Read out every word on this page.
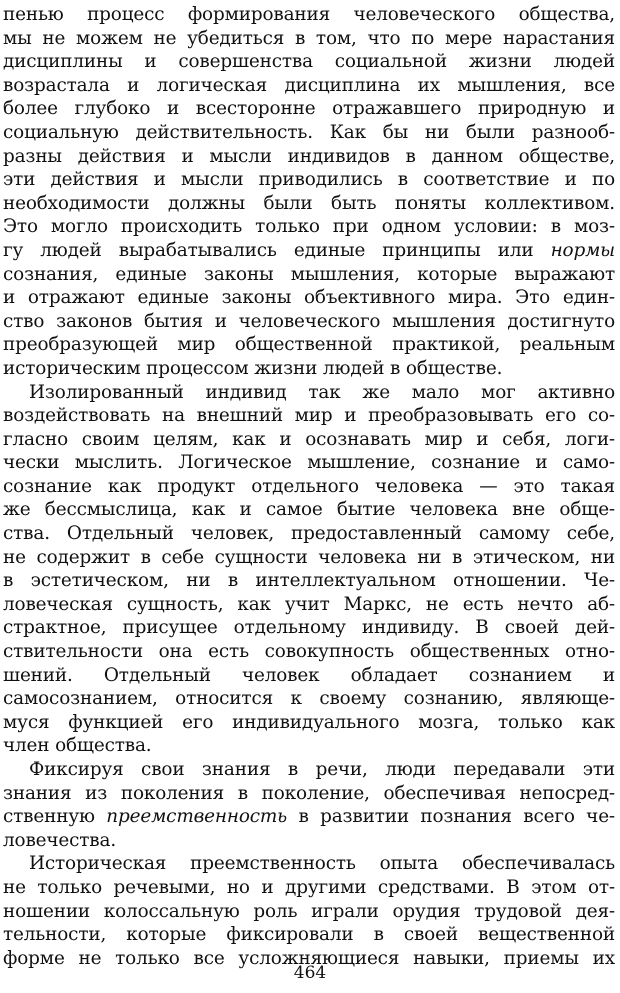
пенью процесс формирования человеческого общества,
мы не можем не убедиться в том, что по мере нарастания
дисциплины и совершенства социальной жизни людей
возрастала и логическая дисциплина их мышления, все
более глубоко и всесторонне отражавшего природную и
социальную действительность. Как бы ни были разнооб-
разны действия и мысли индивидов в данном обществе,
эти действия и мысли приводились в соответствие и по
необходимости должны были быть поняты коллективом.
Это могло происходить только при одном условии: в моз-
гу людей вырабатывались единые принципы или нормы
сознания, единые законы мышления, которые выражают
и отражают единые законы объективного мира. Это един-
ство законов бытия и человеческого мышления достигнуто
преобразующей мир общественной практикой, реальным
историческим процессом жизни людей в обществе.
Изолированный индивид так же мало мог активно
воздействовать на внешний мир и преобразовывать его со-
гласно своим целям, как и осознавать мир и себя, логи-
чески мыслить. Логическое мышление, сознание и само-
сознание как продукт отдельного человека — это такая
же бессмыслица, как и самое бытие человека вне обще-
ства. Отдельный человек, предоставленный самому себе,
не содержит в себе сущности человека ни в этическом, ни
в эстетическом, ни в интеллектуальном отношении. Че-
ловеческая сущность, как учит Маркс, не есть нечто аб-
страктное, присущее отдельному индивиду. В своей дей-
ствительности она есть совокупность общественных отно-
шений. Отдельный человек обладает сознанием и
самосознанием, относится к своему сознанию, являюще-
муся функцией его индивидуального мозга, только как
член общества.
Фиксируя свои знания в речи, люди передавали эти
знания из поколения в поколение, обеспечивая непосред-
ственную преемственность в развитии познания всего че-
ловечества.
Историческая преемственность опыта обеспечивалась
не только речевыми, но и другими средствами. В этом от-
ношении колоссальную роль играли орудия трудовой дея-
тельности, которые фиксировали в своей вещественной
форме не только все усложняющиеся навыки, приемы их
464
